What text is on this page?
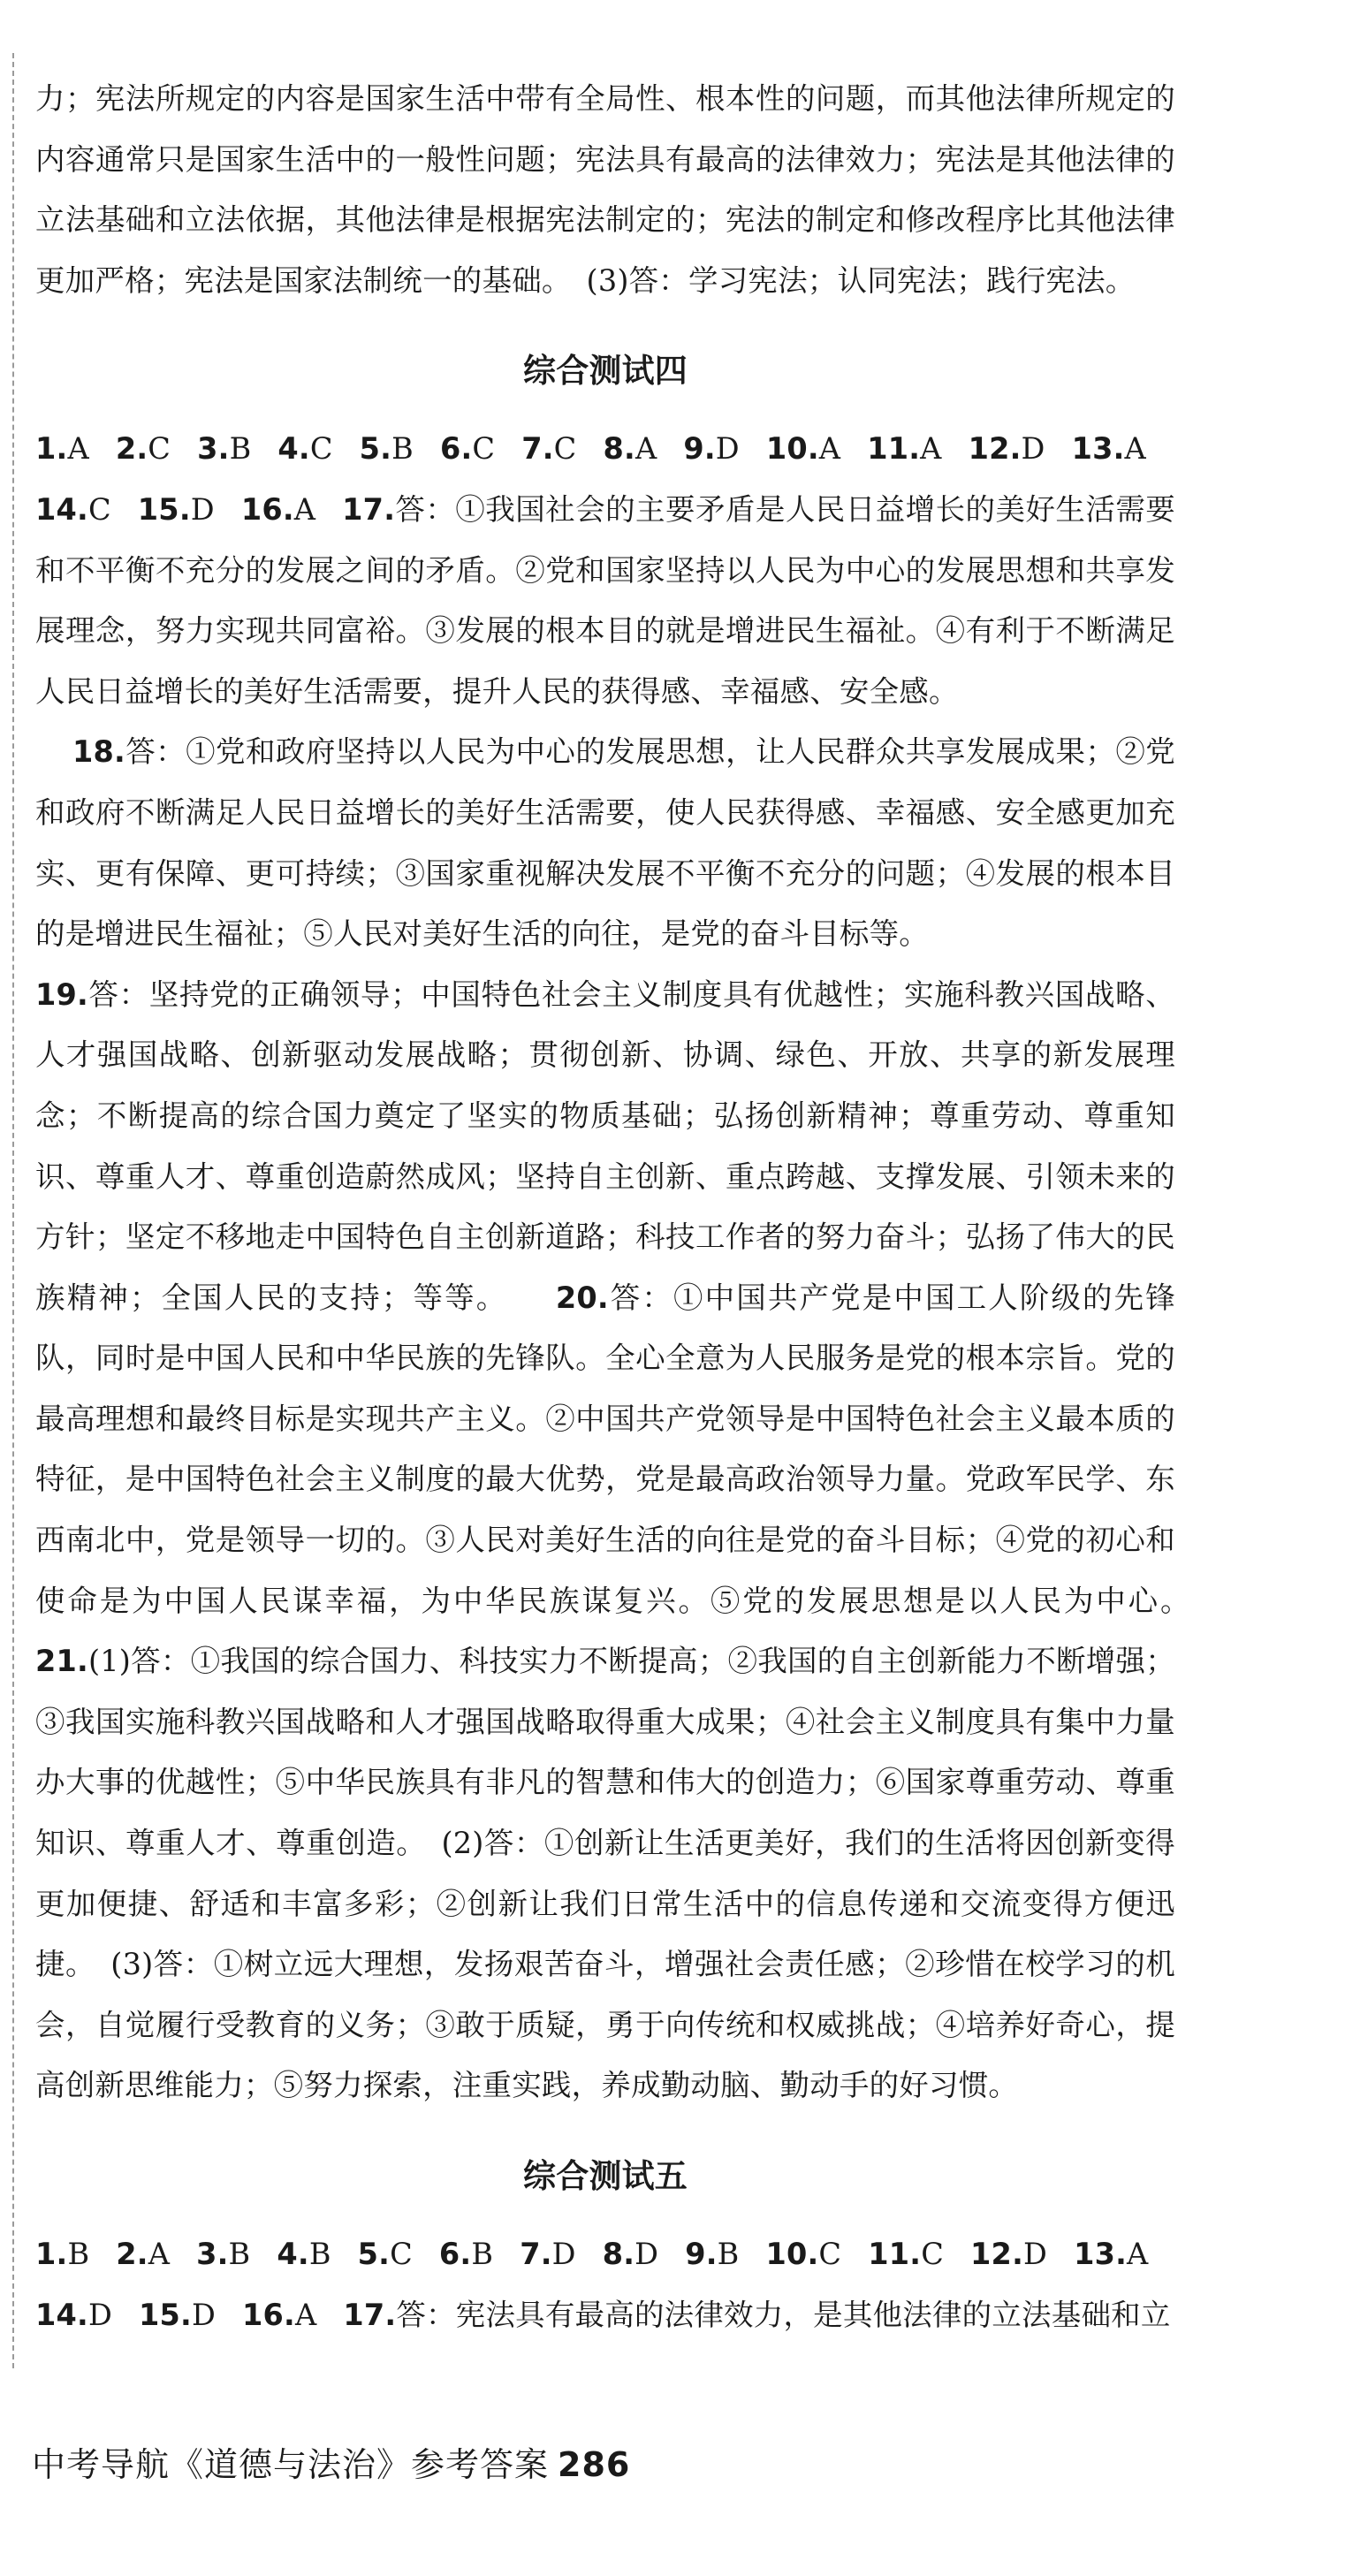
力；宪法所规定的内容是国家生活中带有全局性、根本性的问题，而其他法律所规定的内容通常只是国家生活中的一般性问题；宪法具有最高的法律效力；宪法是其他法律的立法基础和立法依据，其他法律是根据宪法制定的；宪法的制定和修改程序比其他法律更加严格；宪法是国家法制统一的基础。　(3)答：学习宪法；认同宪法；践行宪法。

综合测试四
1.A 2.C 3.B 4.C 5.B 6.C 7.C 8.A 9.D 10.A 11.A 12.D 13.A

14.C 15.D 16.A 17.答：①我国社会的主要矛盾是人民日益增长的美好生活需要和不平衡不充分的发展之间的矛盾。②党和国家坚持以人民为中心的发展思想和共享发展理念，努力实现共同富裕。③发展的根本目的就是增进民生福祉。④有利于不断满足人民日益增长的美好生活需要，提升人民的获得感、幸福感、安全感。

18.答：①党和政府坚持以人民为中心的发展思想，让人民群众共享发展成果；②党和政府不断满足人民日益增长的美好生活需要，使人民获得感、幸福感、安全感更加充实、更有保障、更可持续；③国家重视解决发展不平衡不充分的问题；④发展的根本目的是增进民生福祉；⑤人民对美好生活的向往，是党的奋斗目标等。

19.答：坚持党的正确领导；中国特色社会主义制度具有优越性；实施科教兴国战略、人才强国战略、创新驱动发展战略；贯彻创新、协调、绿色、开放、共享的新发展理念；不断提高的综合国力奠定了坚实的物质基础；弘扬创新精神；尊重劳动、尊重知识、尊重人才、尊重创造蔚然成风；坚持自主创新、重点跨越、支撑发展、引领未来的方针；坚定不移地走中国特色自主创新道路；科技工作者的努力奋斗；弘扬了伟大的民族精神；全国人民的支持；等等。　　 20.答：①中国共产党是中国工人阶级的先锋队，同时是中国人民和中华民族的先锋队。全心全意为人民服务是党的根本宗旨。党的最高理想和最终目标是实现共产主义。②中国共产党领导是中国特色社会主义最本质的特征，是中国特色社会主义制度的最大优势，党是最高政治领导力量。党政军民学、东西南北中，党是领导一切的。③人民对美好生活的向往是党的奋斗目标；④党的初心和使命是为中国人民谋幸福，为中华民族谋复兴。⑤党的发展思想是以人民为中心。　　21.(1)答：①我国的综合国力、科技实力不断提高；②我国的自主创新能力不断增强；③我国实施科教兴国战略和人才强国战略取得重大成果；④社会主义制度具有集中力量办大事的优越性；⑤中华民族具有非凡的智慧和伟大的创造力；⑥国家尊重劳动、尊重知识、尊重人才、尊重创造。　(2)答：①创新让生活更美好，我们的生活将因创新变得更加便捷、舒适和丰富多彩；②创新让我们日常生活中的信息传递和交流变得方便迅捷。　(3)答：①树立远大理想，发扬艰苦奋斗，增强社会责任感；②珍惜在校学习的机会，自觉履行受教育的义务；③敢于质疑，勇于向传统和权威挑战；④培养好奇心，提高创新思维能力；⑤努力探索，注重实践，养成勤动脑、勤动手的好习惯。

综合测试五
1.B 2.A 3.B 4.B 5.C 6.B 7.D 8.D 9.B 10.C 11.C 12.D 13.A

14.D 15.D 16.A 17.答：宪法具有最高的法律效力，是其他法律的立法基础和立

中考导航《道德与法治》参考答案 286
